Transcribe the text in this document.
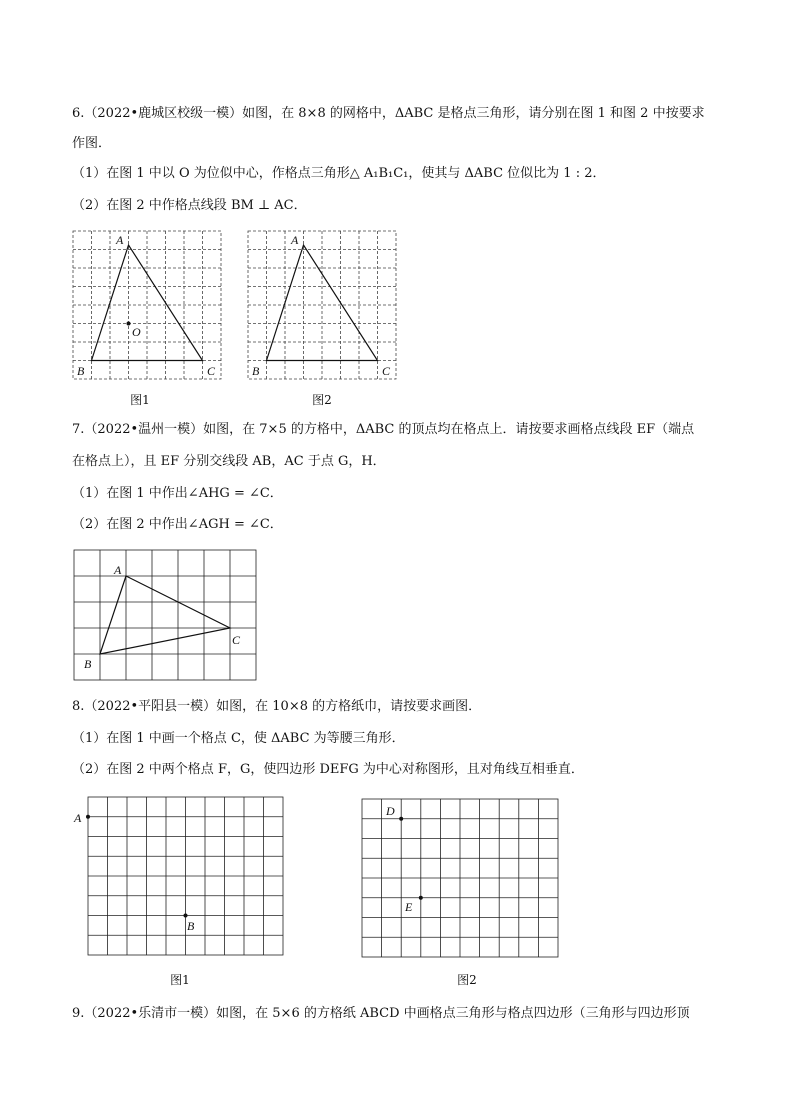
6.（2022•鹿城区校级一模）如图，在 8×8 的网格中，ΔABC 是格点三角形，请分别在图 1 和图 2 中按要求
作图．
（1）在图 1 中以 O 为位似中心，作格点三角形△ A₁B₁C₁，使其与 ΔABC 位似比为 1 : 2．
（2）在图 2 中作格点线段 BM ⊥ AC．
A
B	C
O
图1
A
B	C
图2
7.（2022•温州一模）如图，在 7×5 的方格中，ΔABC 的顶点均在格点上．请按要求画格点线段 EF（端点
在格点上），且 EF 分别交线段 AB，AC 于点 G，H．
（1）在图 1 中作出∠AHG = ∠C．
（2）在图 2 中作出∠AGH = ∠C．
A
B
C
8.（2022•平阳县一模）如图，在 10×8 的方格纸巾，请按要求画图．
（1）在图 1 中画一个格点 C，使 ΔABC 为等腰三角形．
（2）在图 2 中两个格点 F，G，使四边形 DEFG 为中心对称图形，且对角线互相垂直．
A
B
图1
D
E
图2
9.（2022•乐清市一模）如图，在 5×6 的方格纸 ABCD 中画格点三角形与格点四边形（三角形与四边形顶
